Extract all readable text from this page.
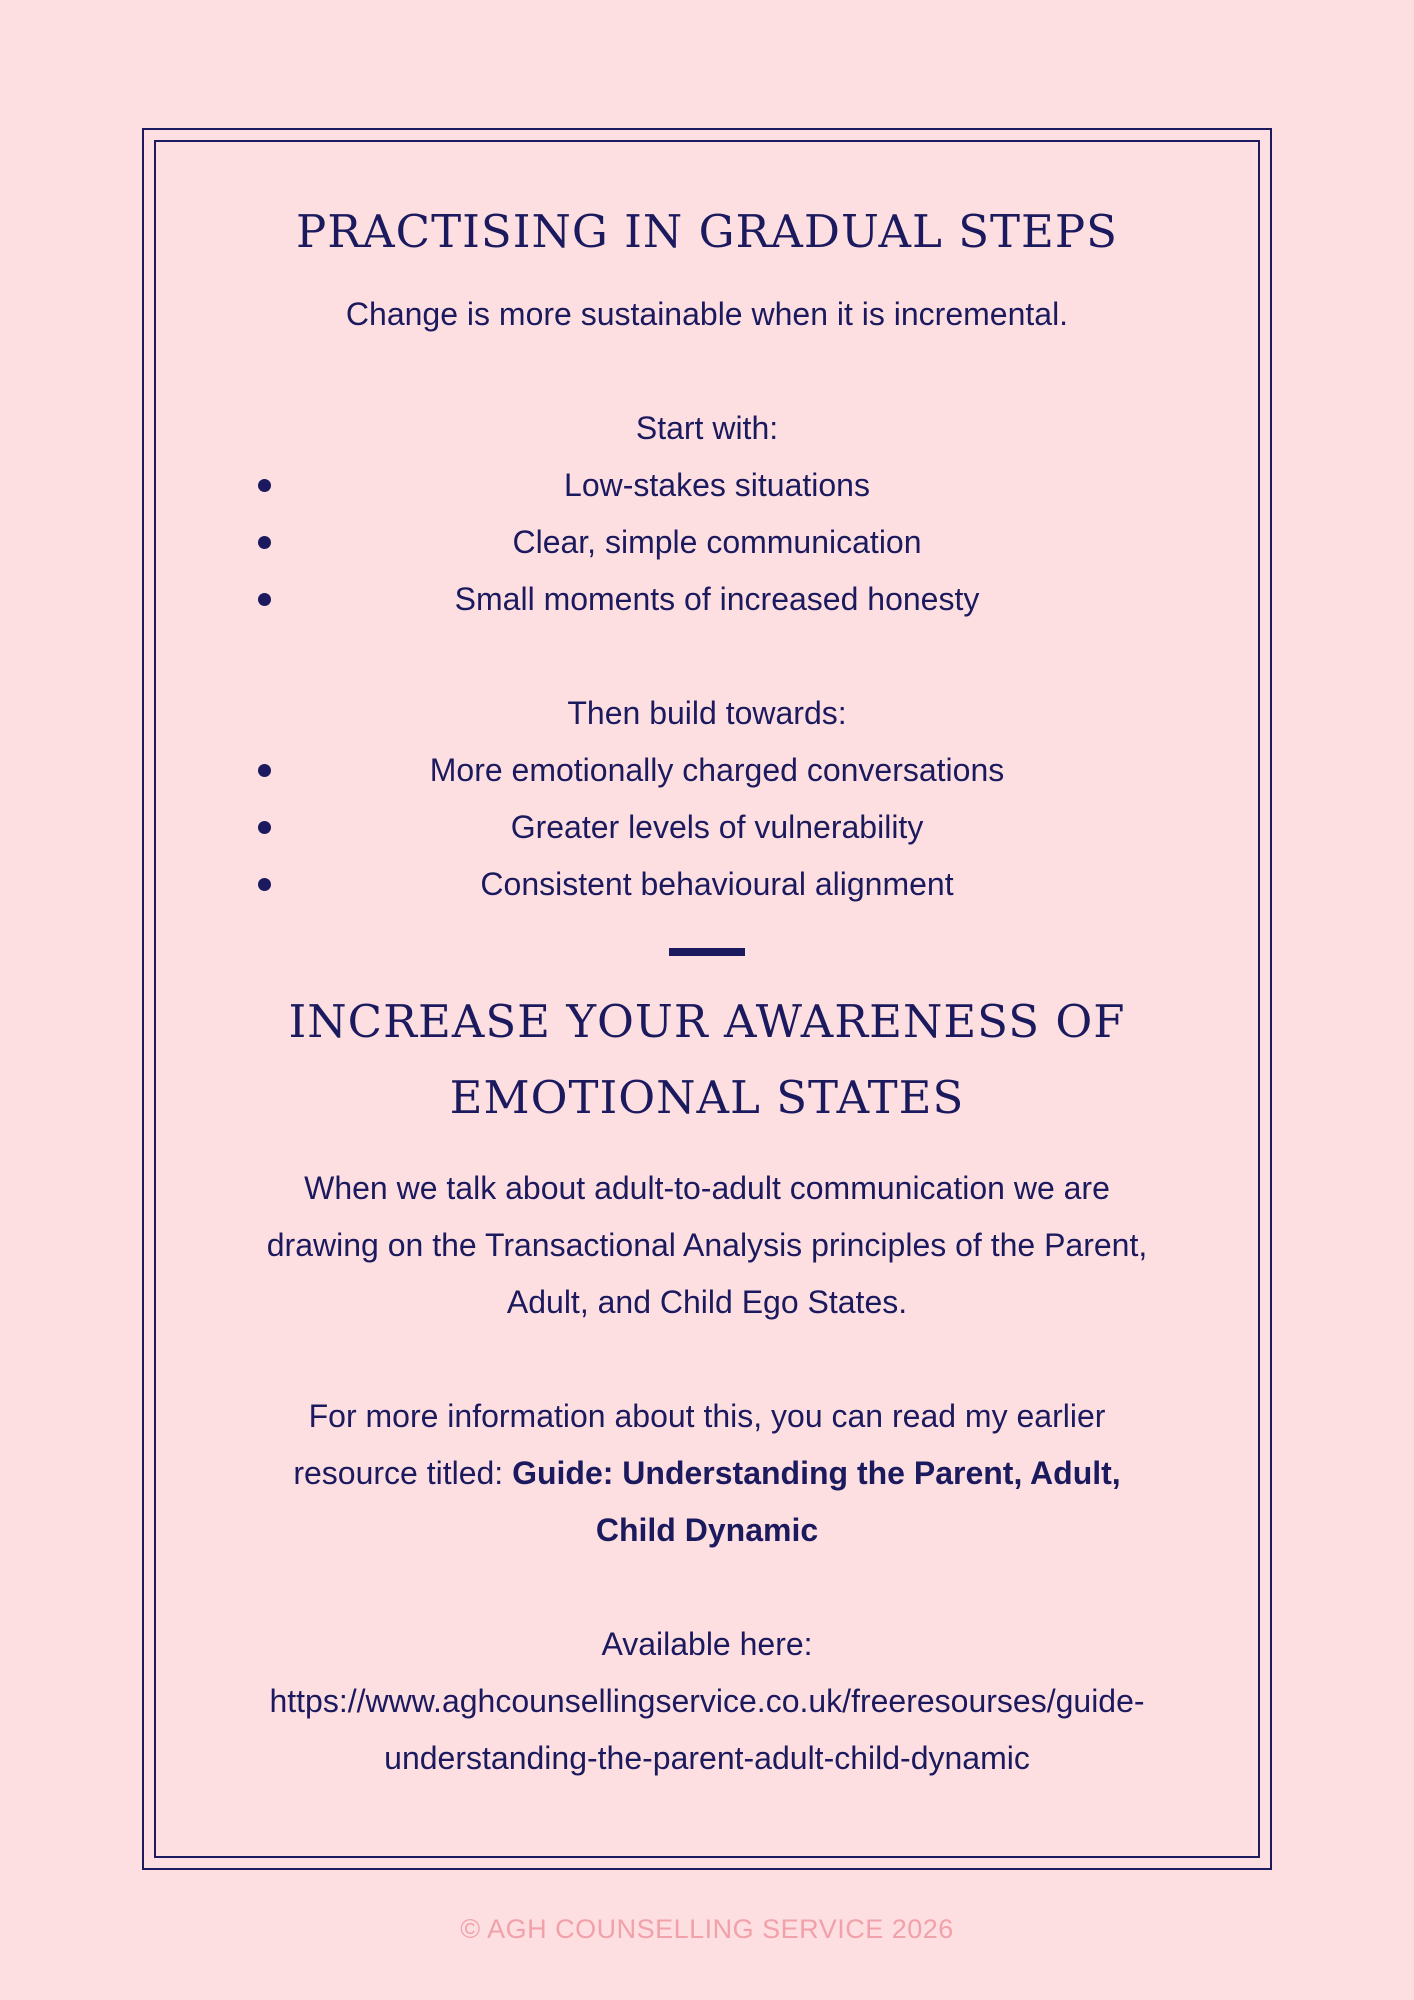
PRACTISING IN GRADUAL STEPS

Change is more sustainable when it is incremental.

Start with:

Low-stakes situations
Clear, simple communication
Small moments of increased honesty

Then build towards:

More emotionally charged conversations
Greater levels of vulnerability
Consistent behavioural alignment
INCREASE YOUR AWARENESS OF EMOTIONAL STATES

When we talk about adult-to-adult communication we are drawing on the Transactional Analysis principles of the Parent, Adult, and Child Ego States.

For more information about this, you can read my earlier resource titled: Guide: Understanding the Parent, Adult, Child Dynamic

Available here:

https://www.aghcounsellingservice.co.uk/freeresourses/guide-understanding-the-parent-adult-child-dynamic

© AGH COUNSELLING SERVICE 2026
